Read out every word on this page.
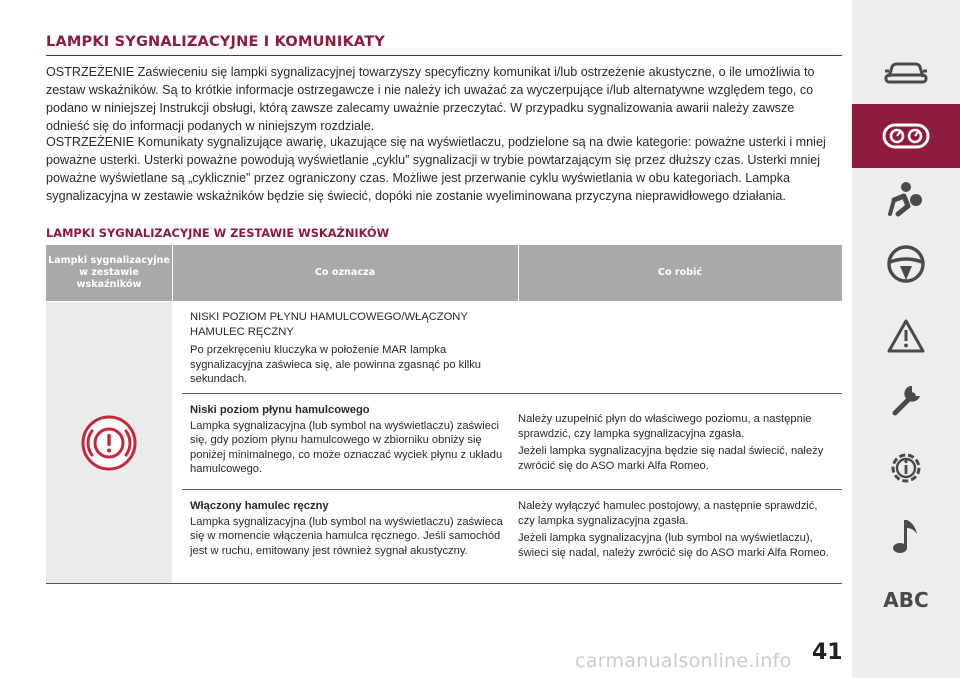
LAMPKI SYGNALIZACYJNE I KOMUNIKATY

OSTRZEŻENIE Zaświeceniu się lampki sygnalizacyjnej towarzyszy specyficzny komunikat i/lub ostrzeżenie akustyczne, o ile umożliwia to zestaw wskaźników. Są to krótkie informacje ostrzegawcze i nie należy ich uważać za wyczerpujące i/lub alternatywne względem tego, co podano w niniejszej Instrukcji obsługi, którą zawsze zalecamy uważnie przeczytać. W przypadku sygnalizowania awarii należy zawsze odnieść się do informacji podanych w niniejszym rozdziale.

OSTRZEŻENIE Komunikaty sygnalizujące awarię, ukazujące się na wyświetlaczu, podzielone są na dwie kategorie: poważne usterki i mniej poważne usterki. Usterki poważne powodują wyświetlanie „cyklu” sygnalizacji w trybie powtarzającym się przez dłuższy czas. Usterki mniej poważne wyświetlane są „cyklicznie” przez ograniczony czas. Możliwe jest przerwanie cyklu wyświetlania w obu kategoriach. Lampka sygnalizacyjna w zestawie wskaźników będzie się świecić, dopóki nie zostanie wyeliminowana przyczyna nieprawidłowego działania.

LAMPKI SYGNALIZACYJNE W ZESTAWIE WSKAŹNIKÓW
Lampki sygnalizacyjne w zestawie wskaźników
Co oznacza	Co robić

NISKI POZIOM PŁYNU HAMULCOWEGO/WŁĄCZONY HAMULEC RĘCZNY

Po przekręceniu kluczyka w położenie MAR lampka sygnalizacyjna zaświeca się, ale powinna zgasnąć po kilku sekundach.

Niski poziom płynu hamulcowego

Lampka sygnalizacyjna (lub symbol na wyświetlaczu) zaświeci się, gdy poziom płynu hamulcowego w zbiorniku obniży się poniżej minimalnego, co może oznaczać wyciek płynu z układu hamulcowego.

Należy uzupełnić płyn do właściwego poziomu, a następnie sprawdzić, czy lampka sygnalizacyjna zgasła.

Jeżeli lampka sygnalizacyjna będzie się nadal świecić, należy zwrócić się do ASO marki Alfa Romeo.

Włączony hamulec ręczny

Lampka sygnalizacyjna (lub symbol na wyświetlaczu) zaświeca się w momencie włączenia hamulca ręcznego. Jeśli samochód jest w ruchu, emitowany jest również sygnał akustyczny.

Należy wyłączyć hamulec postojowy, a następnie sprawdzić, czy lampka sygnalizacyjna zgasła.

Jeżeli lampka sygnalizacyjna (lub symbol na wyświetlaczu), świeci się nadal, należy zwrócić się do ASO marki Alfa Romeo.

41
ABC
carmanualsonline.info
